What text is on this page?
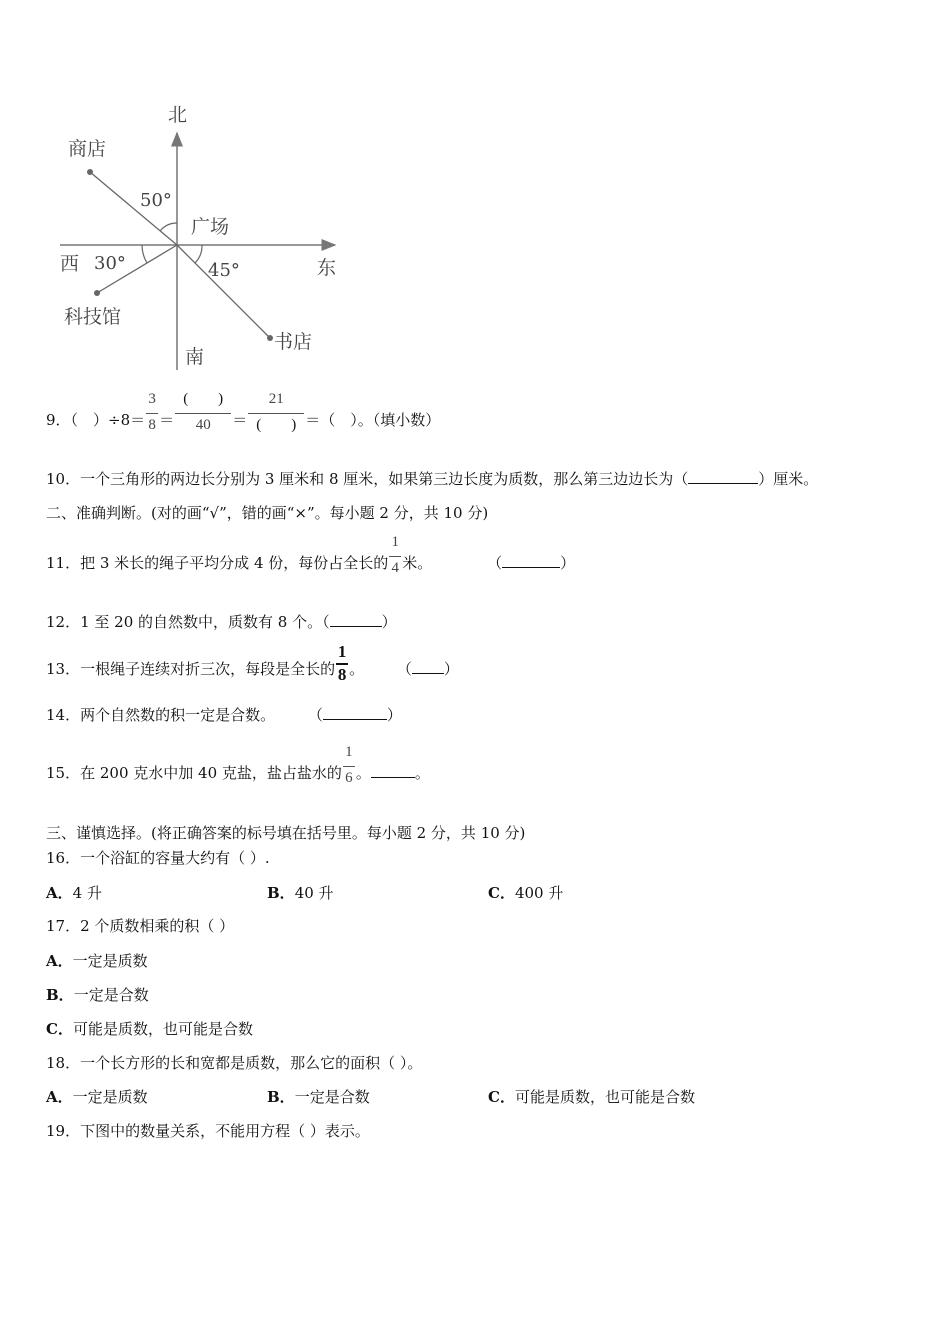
北
商店
50°
广场
西 30°	45°	东
科技馆
书店
南
9．（　）$\div 8= \frac{3}{8} = \frac{( )}{40} = \frac{21}{( )}$ ＝（　）。（填小数）
10．一个三角形的两边长分别为 3 厘米和 8 厘米，如果第三边长度为质数，那么第三边边长为（	）厘米。
二、准确判断。(对的画“√”，错的画“×”。每小题 2 分，共 10 分)
11．把 3 米长的绳子平均分成 4 份，每份占全长的 $\frac{1}{4}$ 米。	（	）
12．1 至 20 的自然数中，质数有 8 个。（	）
13．一根绳子连续对折三次，每段是全长的 $\frac{1}{8}$ 。 （ ）
14．两个自然数的积一定是合数。 （	）
15．在 200 克水中加 40 克盐，盐占盐水的 $\frac{1}{6}$ 。	。
三、谨慎选择。(将正确答案的标号填在括号里。每小题 2 分，共 10 分)
16．一个浴缸的容量大约有（ ）.
A．4 升	B．40 升	C．400 升
17．2 个质数相乘的积（ ）
A．一定是质数
B．一定是合数
C．可能是质数，也可能是合数
18．一个长方形的长和宽都是质数，那么它的面积（ ）。
A．一定是质数	B．一定是合数	C．可能是质数，也可能是合数
19．下图中的数量关系，不能用方程（ ）表示。
